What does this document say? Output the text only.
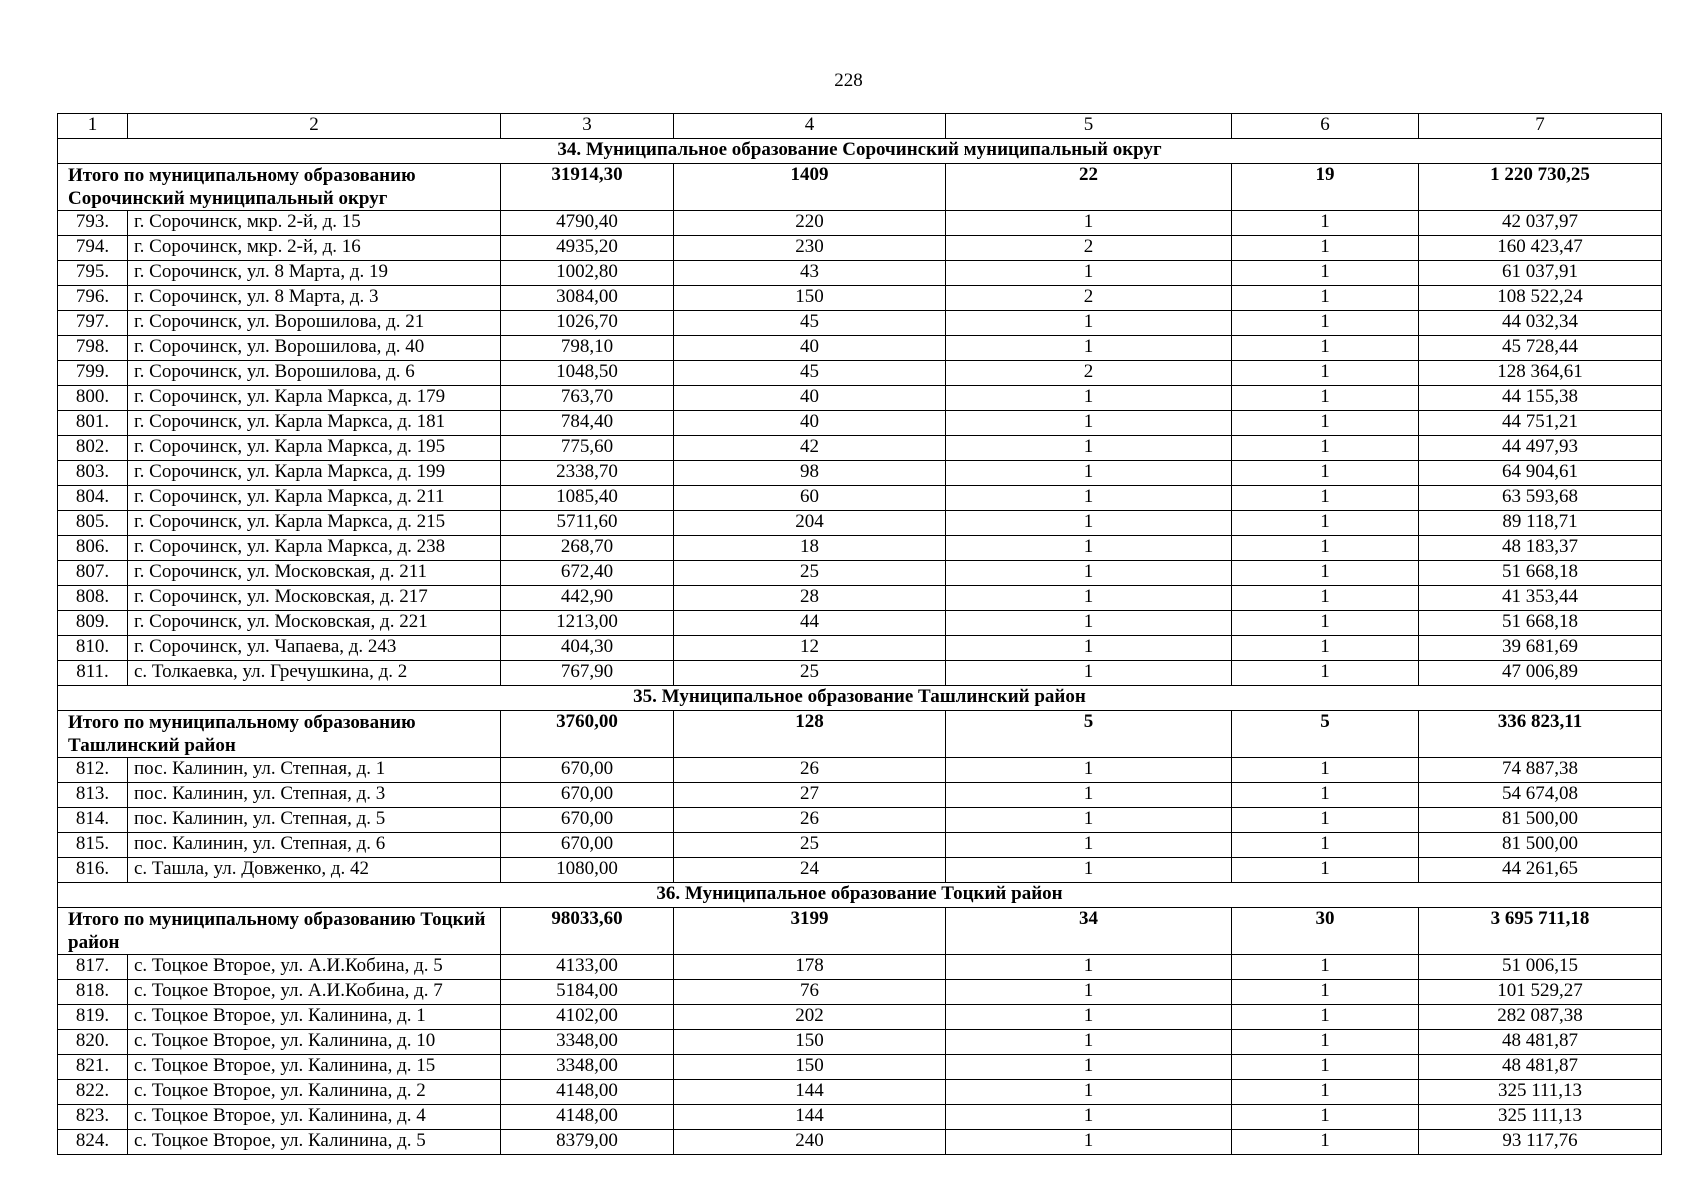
228
1	2	3	4	5	6	7
34. Муниципальное образование Сорочинский муниципальный округ						
Итого по муниципальному образованию Сорочинский муниципальный округ		31914,30	1409	22	19	1 220 730,25
793.	г. Сорочинск, мкр. 2-й, д. 15	4790,40	220	1	1	42 037,97
794.	г. Сорочинск, мкр. 2-й, д. 16	4935,20	230	2	1	160 423,47
795.	г. Сорочинск, ул. 8 Марта, д. 19	1002,80	43	1	1	61 037,91
796.	г. Сорочинск, ул. 8 Марта, д. 3	3084,00	150	2	1	108 522,24
797.	г. Сорочинск, ул. Ворошилова, д. 21	1026,70	45	1	1	44 032,34
798.	г. Сорочинск, ул. Ворошилова, д. 40	798,10	40	1	1	45 728,44
799.	г. Сорочинск, ул. Ворошилова, д. 6	1048,50	45	2	1	128 364,61
800.	г. Сорочинск, ул. Карла Маркса, д. 179	763,70	40	1	1	44 155,38
801.	г. Сорочинск, ул. Карла Маркса, д. 181	784,40	40	1	1	44 751,21
802.	г. Сорочинск, ул. Карла Маркса, д. 195	775,60	42	1	1	44 497,93
803.	г. Сорочинск, ул. Карла Маркса, д. 199	2338,70	98	1	1	64 904,61
804.	г. Сорочинск, ул. Карла Маркса, д. 211	1085,40	60	1	1	63 593,68
805.	г. Сорочинск, ул. Карла Маркса, д. 215	5711,60	204	1	1	89 118,71
806.	г. Сорочинск, ул. Карла Маркса, д. 238	268,70	18	1	1	48 183,37
807.	г. Сорочинск, ул. Московская, д. 211	672,40	25	1	1	51 668,18
808.	г. Сорочинск, ул. Московская, д. 217	442,90	28	1	1	41 353,44
809.	г. Сорочинск, ул. Московская, д. 221	1213,00	44	1	1	51 668,18
810.	г. Сорочинск, ул. Чапаева, д. 243	404,30	12	1	1	39 681,69
811.	с. Толкаевка, ул. Гречушкина, д. 2	767,90	25	1	1	47 006,89
35. Муниципальное образование Ташлинский район						
Итого по муниципальному образованию Ташлинский район		3760,00	128	5	5	336 823,11
812.	пос. Калинин, ул. Степная, д. 1	670,00	26	1	1	74 887,38
813.	пос. Калинин, ул. Степная, д. 3	670,00	27	1	1	54 674,08
814.	пос. Калинин, ул. Степная, д. 5	670,00	26	1	1	81 500,00
815.	пос. Калинин, ул. Степная, д. 6	670,00	25	1	1	81 500,00
816.	с. Ташла, ул. Довженко, д. 42	1080,00	24	1	1	44 261,65
36. Муниципальное образование Тоцкий район						
Итого по муниципальному образованию Тоцкий район		98033,60	3199	34	30	3 695 711,18
817.	с. Тоцкое Второе, ул. А.И.Кобина, д. 5	4133,00	178	1	1	51 006,15
818.	с. Тоцкое Второе, ул. А.И.Кобина, д. 7	5184,00	76	1	1	101 529,27
819.	с. Тоцкое Второе, ул. Калинина, д. 1	4102,00	202	1	1	282 087,38
820.	с. Тоцкое Второе, ул. Калинина, д. 10	3348,00	150	1	1	48 481,87
821.	с. Тоцкое Второе, ул. Калинина, д. 15	3348,00	150	1	1	48 481,87
822.	с. Тоцкое Второе, ул. Калинина, д. 2	4148,00	144	1	1	325 111,13
823.	с. Тоцкое Второе, ул. Калинина, д. 4	4148,00	144	1	1	325 111,13
824.	с. Тоцкое Второе, ул. Калинина, д. 5	8379,00	240	1	1	93 117,76
